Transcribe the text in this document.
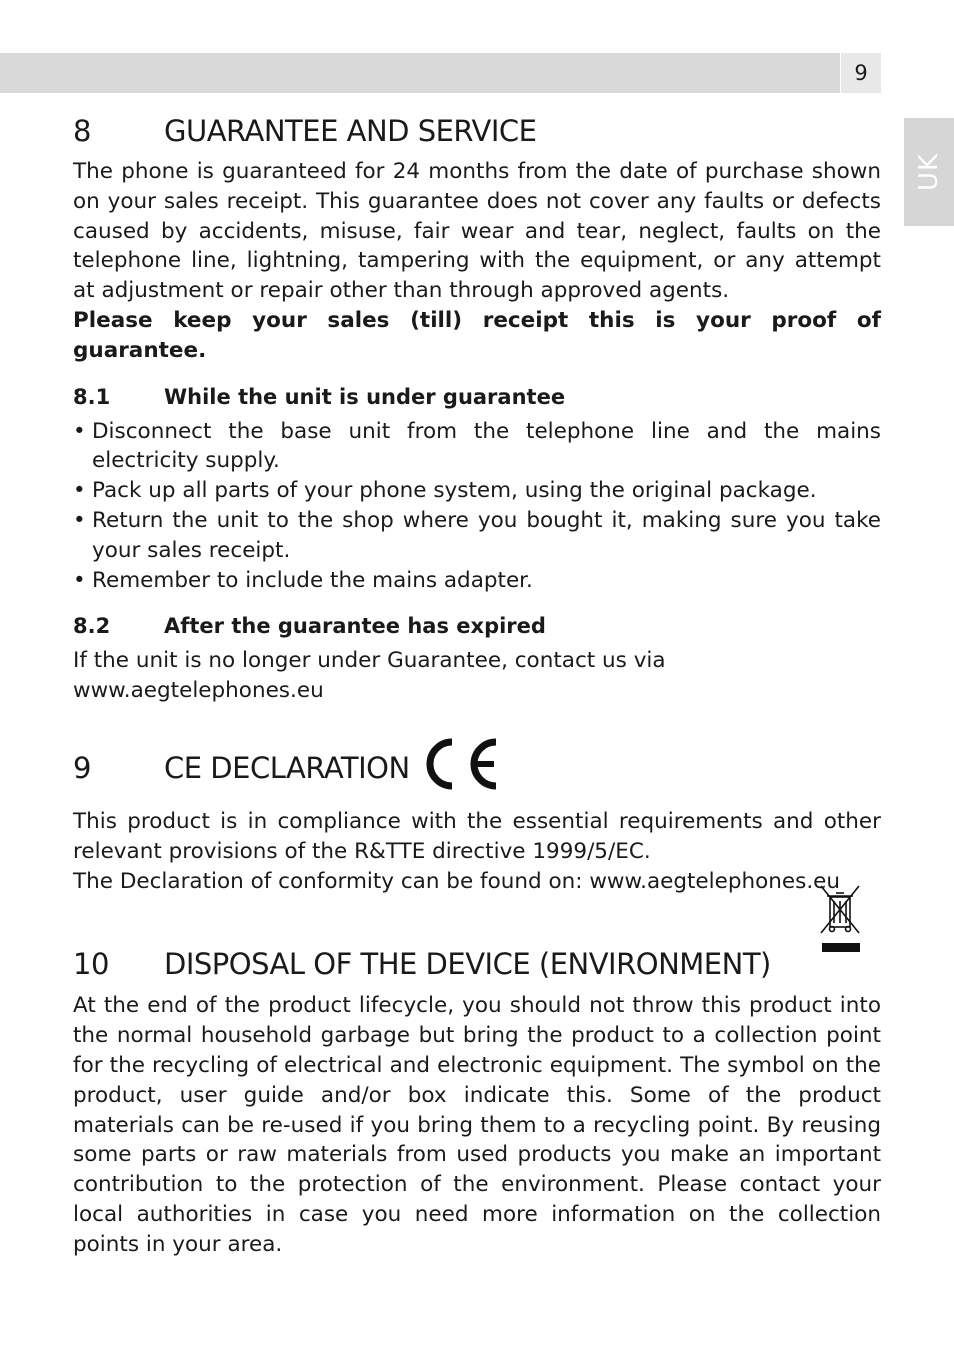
9
UK
8	GUARANTEE AND SERVICE

The phone is guaranteed for 24 months from the date of purchase shown on your sales receipt. This guarantee does not cover any faults or defects caused by accidents, misuse, fair wear and tear, neglect, faults on the telephone line, lightning, tampering with the equipment, or any attempt at adjustment or repair other than through approved agents.

Please keep your sales (till) receipt this is your proof of guarantee.

8.1	While the unit is under guarantee
• Disconnect the base unit from the telephone line and the mains electricity supply.
• Pack up all parts of your phone system, using the original package.
• Return the unit to the shop where you bought it, making sure you take your sales receipt.
• Remember to include the mains adapter.
8.2	After the guarantee has expired

If the unit is no longer under Guarantee, contact us via

www.aegtelephones.eu

9	CE DECLARATION

This product is in compliance with the essential requirements and other relevant provisions of the R&TTE directive 1999/5/EC.

The Declaration of conformity can be found on: www.aegtelephones.eu

10	DISPOSAL OF THE DEVICE (ENVIRONMENT)

At the end of the product lifecycle, you should not throw this product into the normal household garbage but bring the product to a collection point for the recycling of electrical and electronic equipment. The symbol on the product, user guide and/or box indicate this. Some of the product materials can be re-used if you bring them to a recycling point. By reusing some parts or raw materials from used products you make an important contribution to the protection of the environment. Please contact your local authorities in case you need more information on the collection points in your area.
